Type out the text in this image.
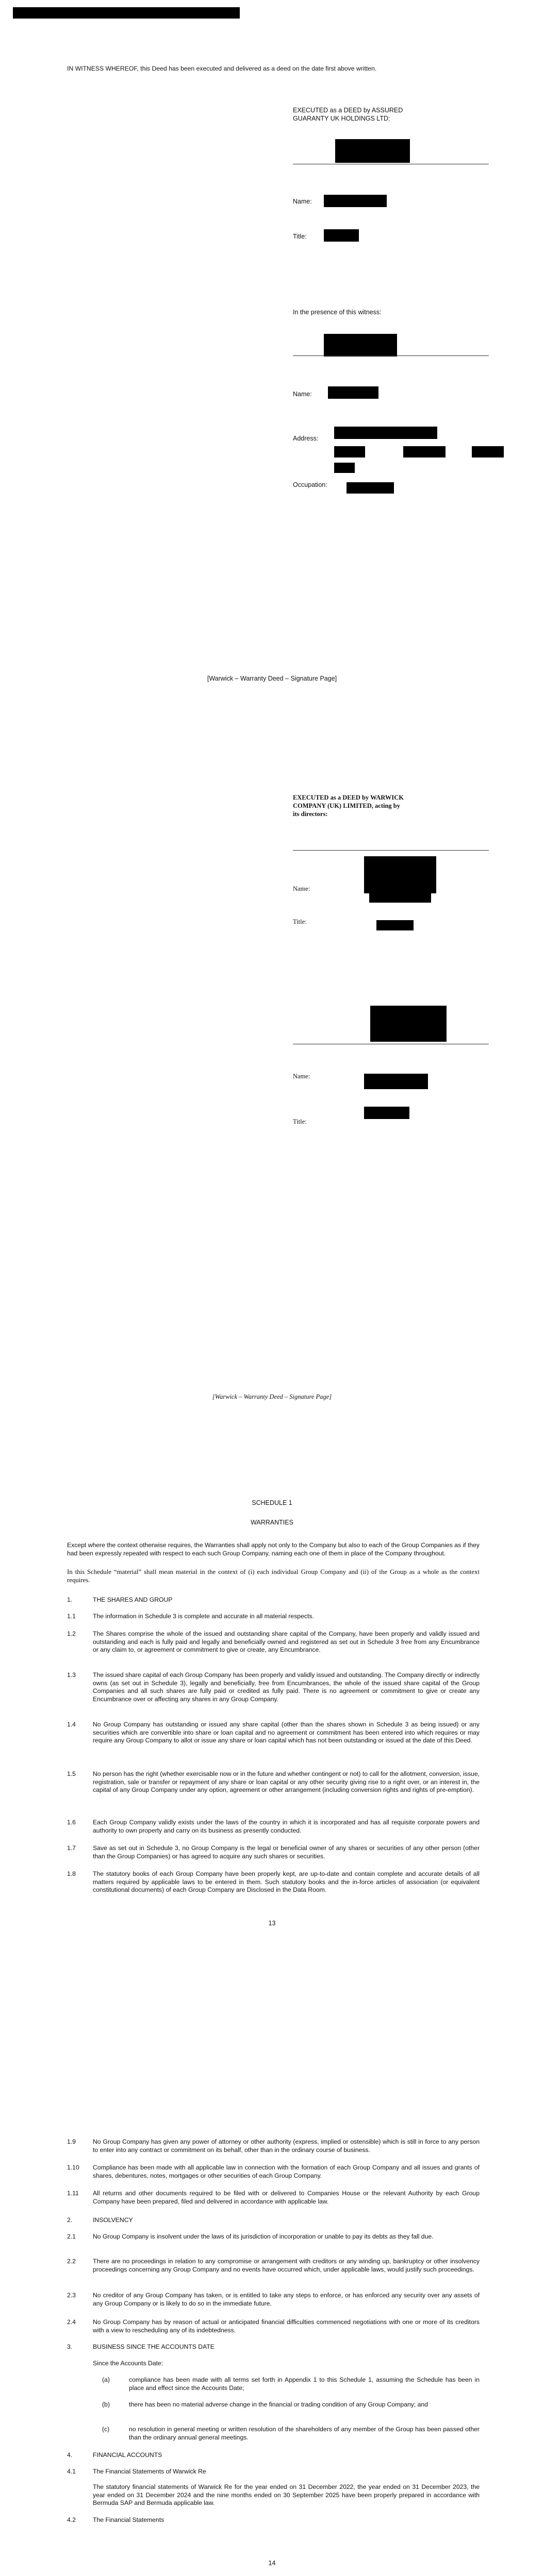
IN WITNESS WHEREOF, this Deed has been executed and delivered as a deed on the date first above written.
EXECUTED as a DEED by ASSURED
GUARANTY UK HOLDINGS LTD:
Name:
Title:
In the presence of this witness:
Name:
Address:
Occupation:
[Warwick – Warranty Deed – Signature Page]
EXECUTED as a DEED by WARWICK
COMPANY (UK) LIMITED, acting by
its directors:
Name:
Title:
Name:
Title:
[Warwick – Warranty Deed – Signature Page]
SCHEDULE 1
WARRANTIES
Except where the context otherwise requires, the Warranties shall apply not only to the Company but also to each of the Group Companies as if they had been expressly repeated with respect to each such Group Company, naming each one of them in place of the Company throughout.
In this Schedule “material” shall mean material in the context of (i) each individual Group Company and (ii) of the Group as a whole as the context requires.
1.	THE SHARES AND GROUP
1.1	The information in Schedule 3 is complete and accurate in all material respects.
1.2	The Shares comprise the whole of the issued and outstanding share capital of the Company, have been properly and validly issued and outstanding and each is fully paid and legally and beneficially owned and registered as set out in Schedule 3 free from any Encumbrance or any claim to, or agreement or commitment to give or create, any Encumbrance.
1.3	The issued share capital of each Group Company has been properly and validly issued and outstanding. The Company directly or indirectly owns (as set out in Schedule 3), legally and beneficially, free from Encumbrances, the whole of the issued share capital of the Group Companies and all such shares are fully paid or credited as fully paid. There is no agreement or commitment to give or create any Encumbrance over or affecting any shares in any Group Company.
1.4	No Group Company has outstanding or issued any share capital (other than the shares shown in Schedule 3 as being issued) or any securities which are convertible into share or loan capital and no agreement or commitment has been entered into which requires or may require any Group Company to allot or issue any share or loan capital which has not been outstanding or issued at the date of this Deed.
1.5	No person has the right (whether exercisable now or in the future and whether contingent or not) to call for the allotment, conversion, issue, registration, sale or transfer or repayment of any share or loan capital or any other security giving rise to a right over, or an interest in, the capital of any Group Company under any option, agreement or other arrangement (including conversion rights and rights of pre-emption).
1.6	Each Group Company validly exists under the laws of the country in which it is incorporated and has all requisite corporate powers and authority to own property and carry on its business as presently conducted.
1.7	Save as set out in Schedule 3, no Group Company is the legal or beneficial owner of any shares or securities of any other person (other than the Group Companies) or has agreed to acquire any such shares or securities.
1.8	The statutory books of each Group Company have been properly kept, are up-to-date and contain complete and accurate details of all matters required by applicable laws to be entered in them. Such statutory books and the in-force articles of association (or equivalent constitutional documents) of each Group Company are Disclosed in the Data Room.
13
1.9	No Group Company has given any power of attorney or other authority (express, implied or ostensible) which is still in force to any person to enter into any contract or commitment on its behalf, other than in the ordinary course of business.
1.10 Compliance has been made with all applicable law in connection with the formation of each Group Company and all issues and grants of shares, debentures, notes, mortgages or other securities of each Group Company.
1.11 All returns and other documents required to be filed with or delivered to Companies House or the relevant Authority by each Group Company have been prepared, filed and delivered in accordance with applicable law.
2.	INSOLVENCY
2.1	No Group Company is insolvent under the laws of its jurisdiction of incorporation or unable to pay its debts as they fall due.
2.2	There are no proceedings in relation to any compromise or arrangement with creditors or any winding up, bankruptcy or other insolvency proceedings concerning any Group Company and no events have occurred which, under applicable laws, would justify such proceedings.
2.3	No creditor of any Group Company has taken, or is entitled to take any steps to enforce, or has enforced any security over any assets of any Group Company or is likely to do so in the immediate future.
2.4	No Group Company has by reason of actual or anticipated financial difficulties commenced negotiations with one or more of its creditors with a view to rescheduling any of its indebtedness.
3.	BUSINESS SINCE THE ACCOUNTS DATE
Since the Accounts Date:
(a)	compliance has been made with all terms set forth in Appendix 1 to this Schedule 1, assuming the Schedule has been in place and effect since the Accounts Date;
(b)	there has been no material adverse change in the financial or trading condition of any Group Company; and
(c)	no resolution in general meeting or written resolution of the shareholders of any member of the Group has been passed other than the ordinary annual general meetings.
4.	FINANCIAL ACCOUNTS
4.1	The Financial Statements of Warwick Re
The statutory financial statements of Warwick Re for the year ended on 31 December 2022, the year ended on 31 December 2023, the year ended on 31 December 2024 and the nine months ended on 30 September 2025 have been properly prepared in accordance with Bermuda SAP and Bermuda applicable law.
4.2	The Financial Statements
14
